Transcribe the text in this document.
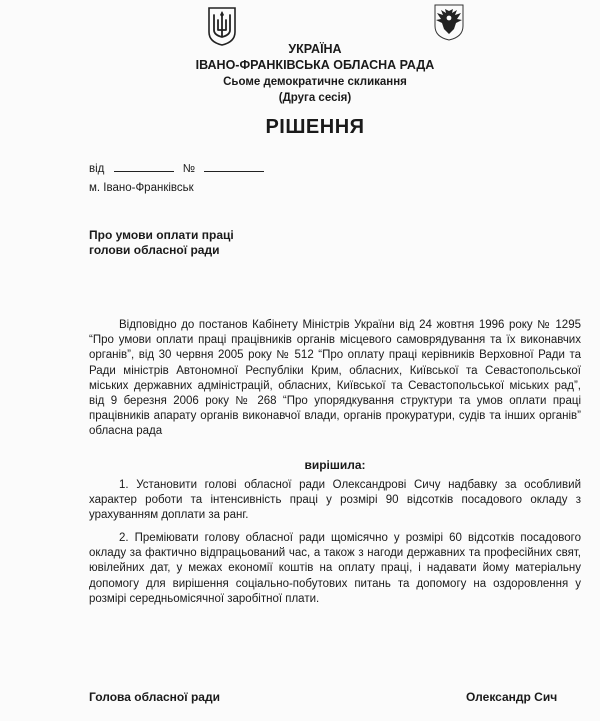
УКРАЇНА
ІВАНО-ФРАНКІВСЬКА ОБЛАСНА РАДА
Сьоме демократичне скликання
(Друга сесія)
РІШЕННЯ
від	№
м. Івано-Франківськ
Про умови оплати праці
голови обласної ради
Відповідно до постанов Кабінету Міністрів України від 24 жовтня 1996 року № 1295 “Про умови оплати праці працівників органів місцевого самоврядування та їх виконавчих органів”, від 30 червня 2005 року № 512 “Про оплату праці керівників Верховної Ради та Ради міністрів Автономної Республіки Крим, обласних, Київської та Севастопольської міських державних адміністрацій, обласних, Київської та Севастопольської міських рад”, від 9 березня 2006 року № 268 “Про упорядкування структури та умов оплати праці працівників апарату органів виконавчої влади, органів прокуратури, судів та інших органів” обласна рада
вирішила:
1. Установити голові обласної ради Олександрові Сичу надбавку за особливий характер роботи та інтенсивність праці у розмірі 90 відсотків посадового окладу з урахуванням доплати за ранг.
2. Преміювати голову обласної ради щомісячно у розмірі 60 відсотків посадового окладу за фактично відпрацьований час, а також з нагоди державних та професійних свят, ювілейних дат, у межах економії коштів на оплату праці, і надавати йому матеріальну допомогу для вирішення соціально-побутових питань та допомогу на оздоровлення у розмірі середньомісячної заробітної плати.
Голова обласної ради	Олександр Сич
